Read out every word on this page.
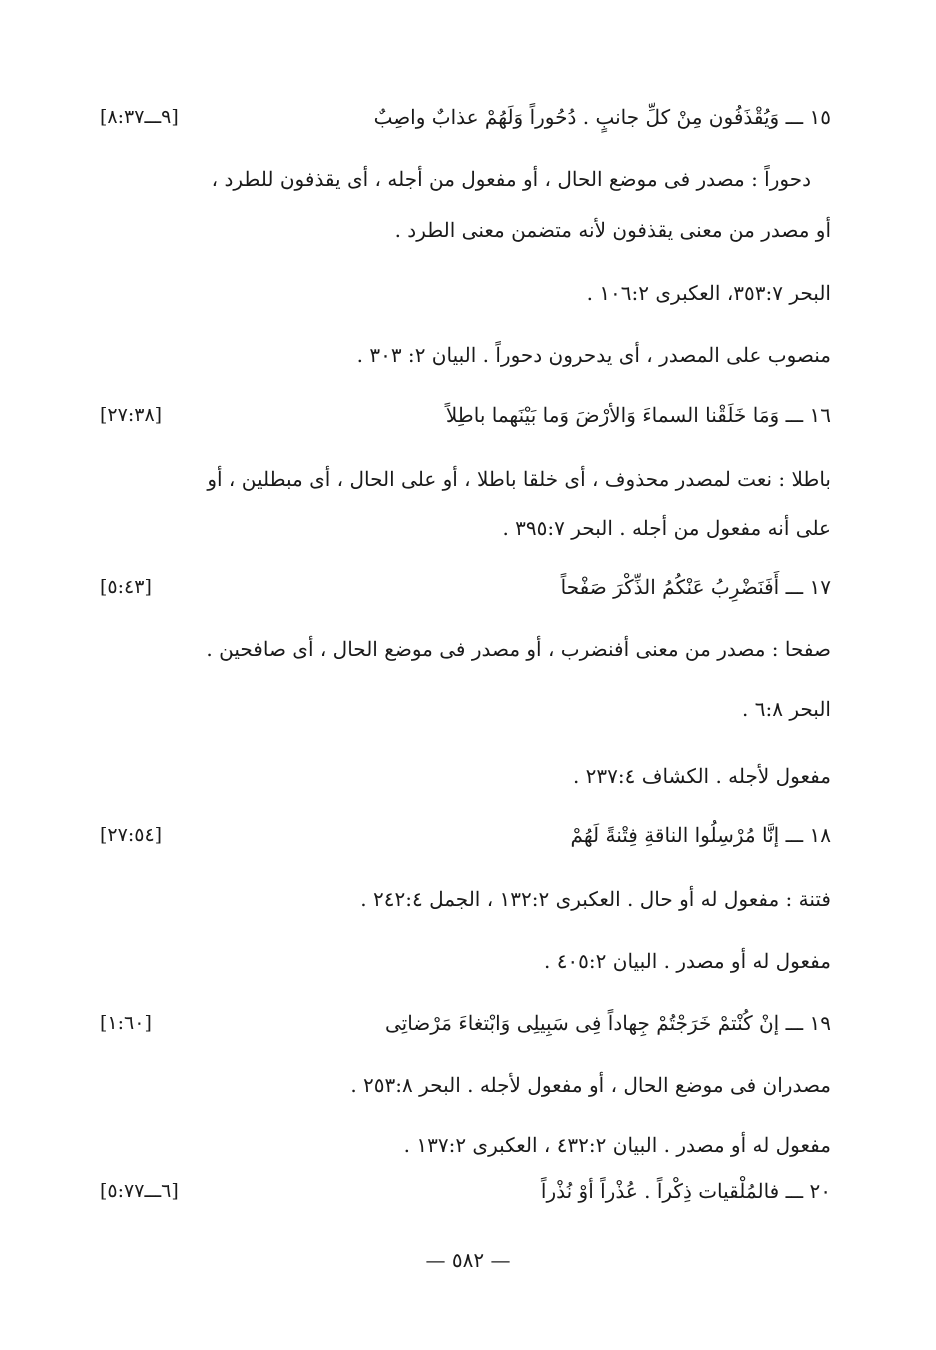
١٥ ـــ وَيُقْذَفُون مِنْ كلِّ جانبٍ . دُحُوراً وَلَهُمْ عذابٌ واصِبٌ
[٩ـــ٨:٣٧]
دحوراً : مصدر فى موضع الحال ، أو مفعول من أجله ، أى يقذفون للطرد ،
أو مصدر من معنى يقذفون لأنه متضمن معنى الطرد .
البحر ٣٥٣:٧، العكبرى ١٠٦:٢ .
منصوب على المصدر ، أى يدحرون دحوراً . البيان ٢: ٣٠٣ .
١٦ ـــ وَمَا خَلَقْنا السماءَ وَالأرْضَ وَما بَيْنَهما باطِلاً
[٢٧:٣٨]
باطلا : نعت لمصدر محذوف ، أى خلقا باطلا ، أو على الحال ، أى مبطلين ، أو
على أنه مفعول من أجله . البحر ٣٩٥:٧ .
١٧ ـــ أَفَنَضْرِبُ عَنْكُمُ الذِّكْرَ صَفْحاً
[٥:٤٣]
صفحا : مصدر من معنى أفنضرب ، أو مصدر فى موضع الحال ، أى صافحين .
البحر ٦:٨ .
مفعول لأجله . الكشاف ٢٣٧:٤ .
١٨ ـــ إنَّا مُرْسِلُوا الناقةِ فِتْنةً لَهُمْ
[٢٧:٥٤]
فتنة : مفعول له أو حال . العكبرى ١٣٢:٢ ، الجمل ٢٤٢:٤ .
مفعول له أو مصدر . البيان ٤٠٥:٢ .
١٩ ـــ إنْ كُنْتمْ خَرَجْتُمْ جِهاداً فِى سَبِيلِى وَابْتغاءَ مَرْضاتِى
[١:٦٠]
مصدران فى موضع الحال ، أو مفعول لأجله . البحر ٢٥٣:٨ .
مفعول له أو مصدر . البيان ٤٣٢:٢ ، العكبرى ١٣٧:٢ .
٢٠ ـــ فالمُلْقيات ذِكْراً . عُذْراً أوْ نُذْراً
[٦ـــ٥:٧٧]
— ٥٨٢ —
